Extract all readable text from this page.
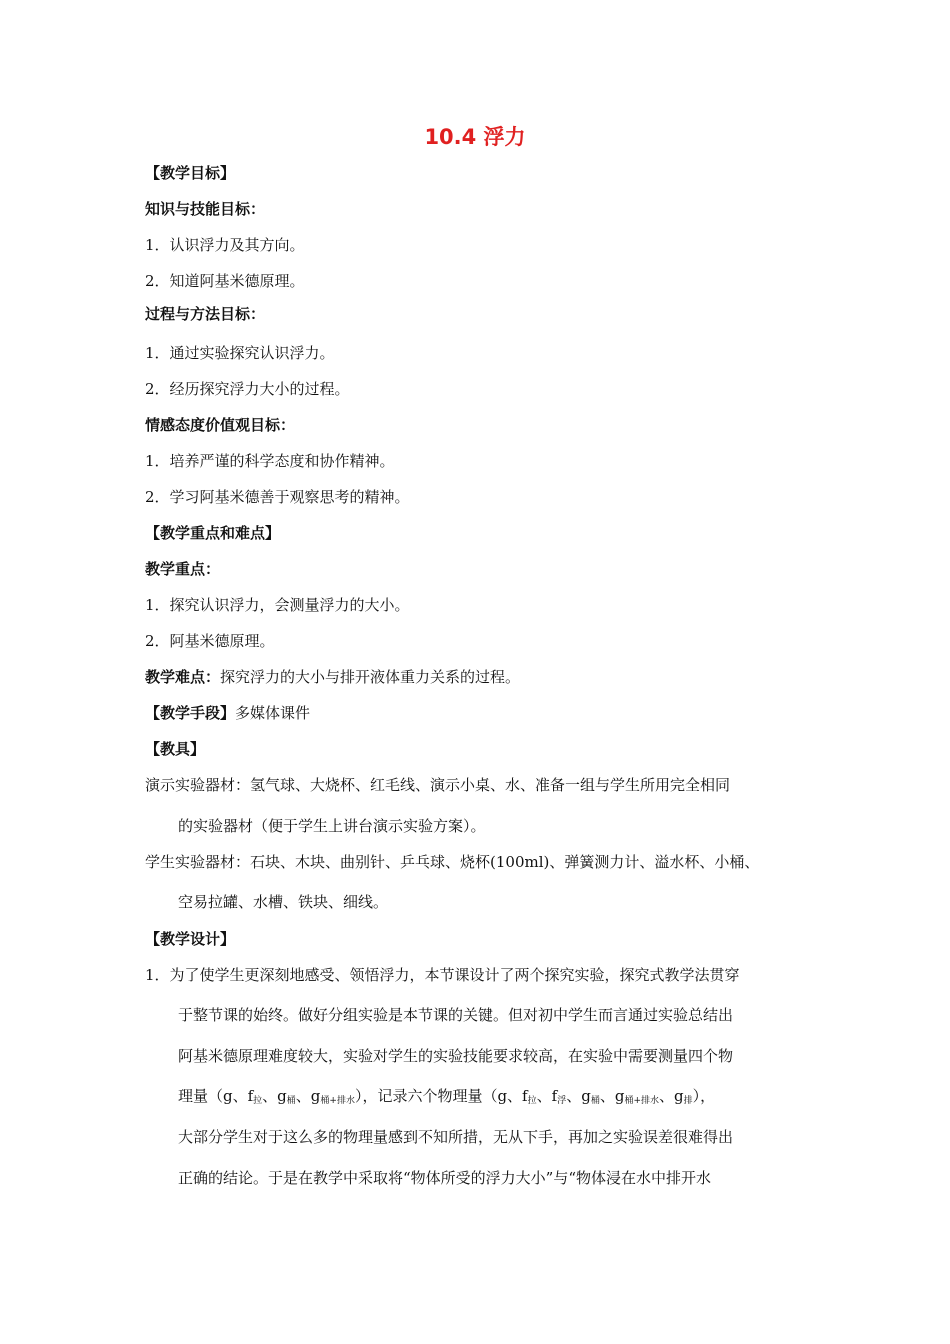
10.4 浮力
【教学目标】
知识与技能目标：
1．认识浮力及其方向。
2．知道阿基米德原理。
过程与方法目标：
1．通过实验探究认识浮力。
2．经历探究浮力大小的过程。
情感态度价值观目标：
1．培养严谨的科学态度和协作精神。
2．学习阿基米德善于观察思考的精神。
【教学重点和难点】
教学重点：
1．探究认识浮力，会测量浮力的大小。
2．阿基米德原理。
教学难点：探究浮力的大小与排开液体重力关系的过程。
【教学手段】多媒体课件
【教具】
演示实验器材：氢气球、大烧杯、红毛线、演示小桌、水、准备一组与学生所用完全相同
的实验器材（便于学生上讲台演示实验方案）。
学生实验器材：石块、木块、曲别针、乒乓球、烧杯(100ml)、弹簧测力计、溢水杯、小桶、
空易拉罐、水槽、铁块、细线。
【教学设计】
1．为了使学生更深刻地感受、领悟浮力，本节课设计了两个探究实验，探究式教学法贯穿
于整节课的始终。做好分组实验是本节课的关键。但对初中学生而言通过实验总结出
阿基米德原理难度较大，实验对学生的实验技能要求较高，在实验中需要测量四个物
理量（g、$f_拉$、$g_桶$、$g_{桶+排水}$），记录六个物理量（g、$f_拉$、$f_浮$、$g_桶$、$g_{桶+排水}$、$g_排$），
大部分学生对于这么多的物理量感到不知所措，无从下手，再加之实验误差很难得出
正确的结论。于是在教学中采取将“物体所受的浮力大小”与“物体浸在水中排开水
